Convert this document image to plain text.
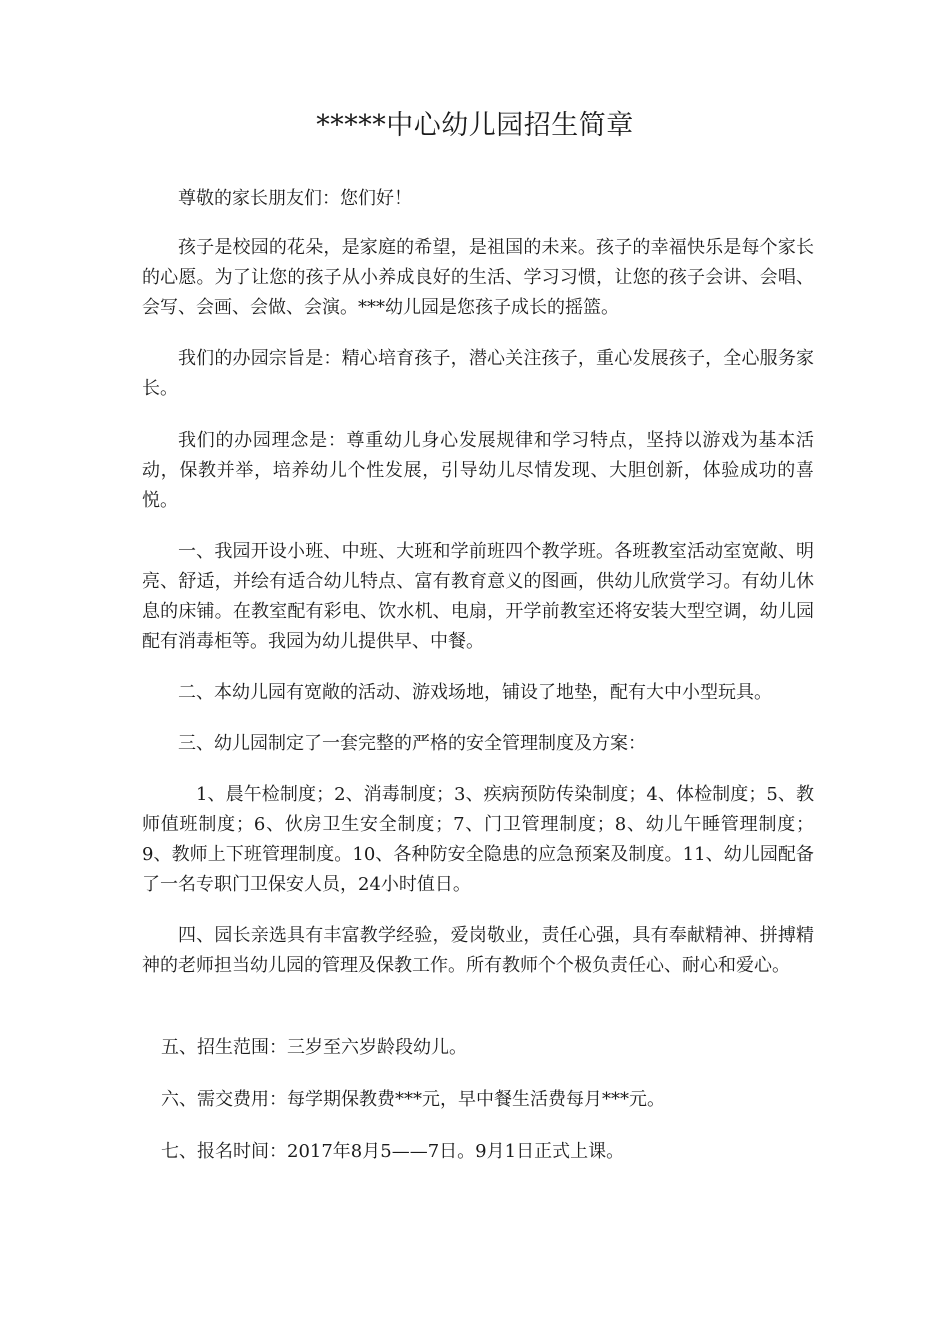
*****中心幼儿园招生简章

尊敬的家长朋友们：您们好！

孩子是校园的花朵，是家庭的希望，是祖国的未来。孩子的幸福快乐是每个家长的心愿。为了让您的孩子从小养成良好的生活、学习习惯，让您的孩子会讲、会唱、会写、会画、会做、会演。***幼儿园是您孩子成长的摇篮。

我们的办园宗旨是：精心培育孩子，潜心关注孩子，重心发展孩子，全心服务家长。

我们的办园理念是：尊重幼儿身心发展规律和学习特点，坚持以游戏为基本活动，保教并举，培养幼儿个性发展，引导幼儿尽情发现、大胆创新，体验成功的喜悦。

一、我园开设小班、中班、大班和学前班四个教学班。各班教室活动室宽敞、明亮、舒适，并绘有适合幼儿特点、富有教育意义的图画，供幼儿欣赏学习。有幼儿休息的床铺。在教室配有彩电、饮水机、电扇，开学前教室还将安装大型空调，幼儿园配有消毒柜等。我园为幼儿提供早、中餐。

二、本幼儿园有宽敞的活动、游戏场地，铺设了地垫，配有大中小型玩具。

三、幼儿园制定了一套完整的严格的安全管理制度及方案：

1、晨午检制度；2、消毒制度；3、疾病预防传染制度；4、体检制度；5、教师值班制度；6、伙房卫生安全制度；7、门卫管理制度；8、幼儿午睡管理制度；9、教师上下班管理制度。10、各种防安全隐患的应急预案及制度。11、幼儿园配备了一名专职门卫保安人员，24小时值日。

四、园长亲选具有丰富教学经验，爱岗敬业，责任心强，具有奉献精神、拼搏精神的老师担当幼儿园的管理及保教工作。所有教师个个极负责任心、耐心和爱心。

五、招生范围：三岁至六岁龄段幼儿。

六、需交费用：每学期保教费***元，早中餐生活费每月***元。

七、报名时间：2017年8月5——7日。9月1日正式上课。
